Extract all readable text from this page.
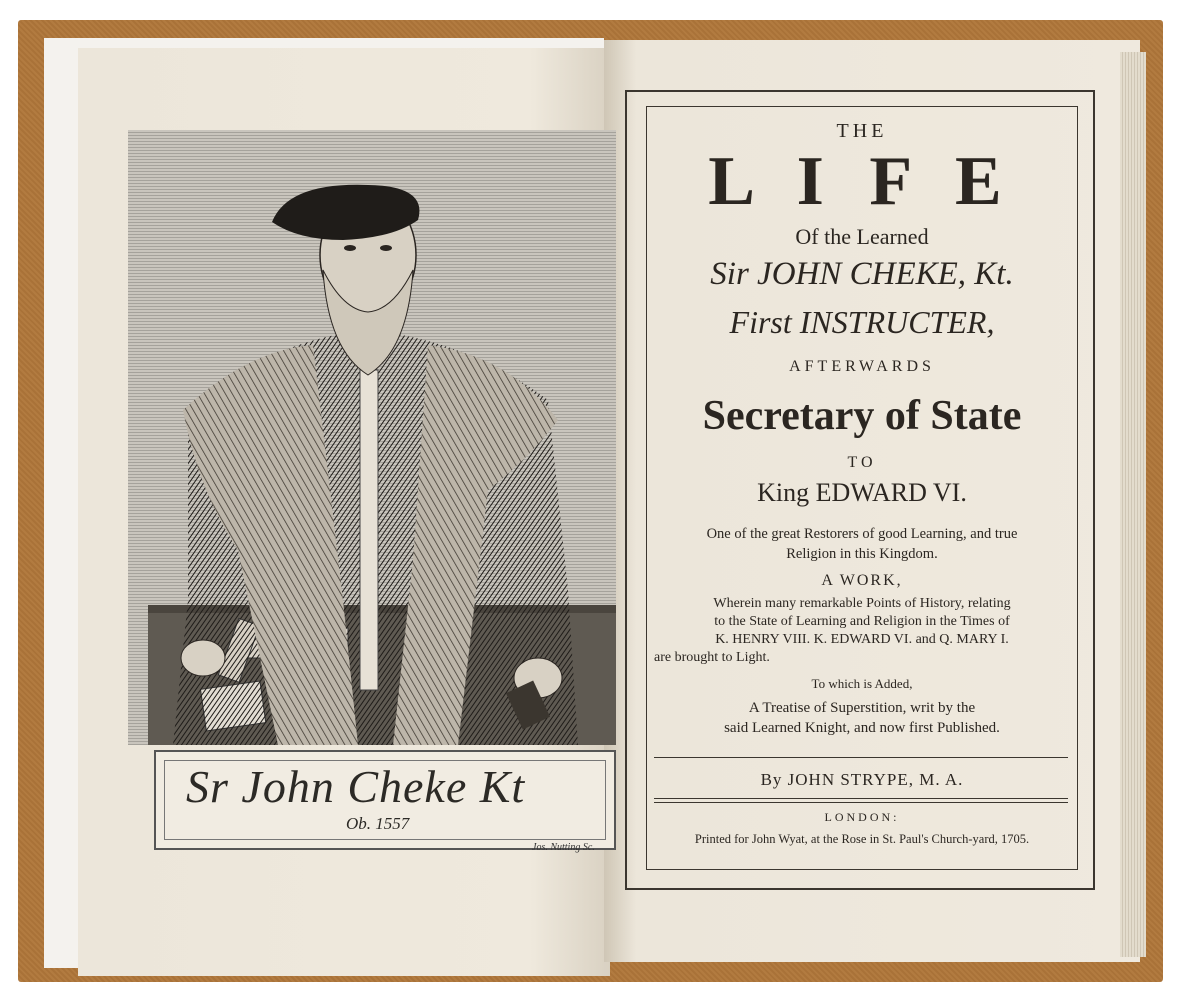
Sr John Cheke Kt
Ob. 1557
Jos. Nutting Sc.
THE
L I F E
Of the Learned
Sir JOHN CHEKE, Kt.
First INSTRUCTER,
AFTERWARDS
Secretary of State
TO
King EDWARD VI.
One of the great Restorers of good Learning, and true
Religion in this Kingdom.
A WORK,
Wherein many remarkable Points of History, relating
to the State of Learning and Religion in the Times of
K. HENRY VIII. K. EDWARD VI. and Q. MARY I.
are brought to Light.
To which is Added,
A Treatise of Superstition, writ by the
said Learned Knight, and now first Published.
By JOHN STRYPE, M. A.
LONDON:
Printed for John Wyat, at the Rose in St. Paul's Church-yard, 1705.
